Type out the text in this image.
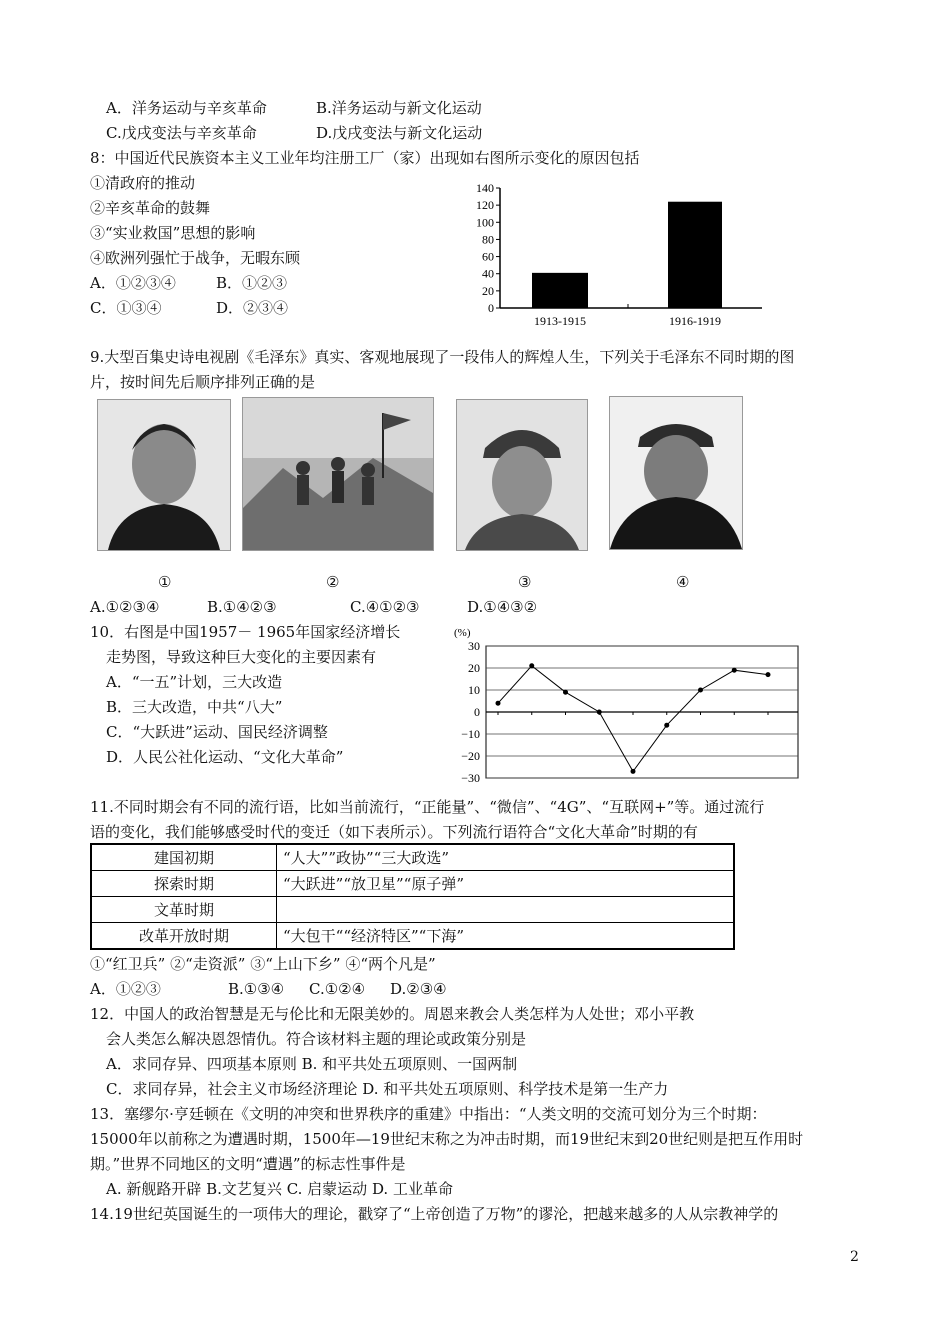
A．洋务运动与辛亥革命	B.洋务运动与新文化运动
C.戊戌变法与辛亥革命	D.戊戌变法与新文化运动
8：中国近代民族资本主义工业年均注册工厂（家）出现如右图所示变化的原因包括
①清政府的推动
②辛亥革命的鼓舞
③“实业救国”思想的影响
④欧洲列强忙于战争，无暇东顾
A．①②③④	B．①②③
C．①③④	D．②③④	0
20
40
60
80
100
120
140
1913-1915	1916-1919
9.大型百集史诗电视剧《毛泽东》真实、客观地展现了一段伟人的辉煌人生，下列关于毛泽东不同时期的图
片，按时间先后顺序排列正确的是
①	②	③	④
A.①②③④	B.①④②③	C.④①②③	D.①④③②
10．右图是中国1957－ 1965年国家经济增长
走势图，导致这种巨大变化的主要因素有
A．“一五”计划，三大改造
B．三大改造，中共“八大”
C．“大跃进”运动、国民经济调整
D．人民公社化运动、“文化大革命”
(%)
30
20
10
0
−10
−20
−30
11.不同时期会有不同的流行语，比如当前流行，“正能量”、“微信”、“4G”、“互联网+”等。通过流行
语的变化，我们能够感受时代的变迁（如下表所示）。下列流行语符合“文化大革命”时期的有
建国初期	“人大””政协”“三大政选”
探索时期	“大跃进”“放卫星”“原子弹”
文革时期	
改革开放时期	“大包干““经济特区”“下海”
①“红卫兵” ②“走资派” ③“上山下乡” ④“两个凡是”
A．①②③	B.①③④ C.①②④ D.②③④
12．中国人的政治智慧是无与伦比和无限美妙的。周恩来教会人类怎样为人处世；邓小平教
会人类怎么解决恩怨情仇。符合该材料主题的理论或政策分别是
A．求同存异、四项基本原则 B. 和平共处五项原则、一国两制
C．求同存异，社会主义市场经济理论 D. 和平共处五项原则、科学技术是第一生产力
13．塞缪尔·亨廷顿在《文明的冲突和世界秩序的重建》中指出：“人类文明的交流可划分为三个时期：
15000年以前称之为遭遇时期，1500年—19世纪末称之为冲击时期，而19世纪末到20世纪则是把互作用时
期。”世界不同地区的文明“遭遇”的标志性事件是
A. 新舰路开辟 B.文艺复兴 C. 启蒙运动 D. 工业革命
14.19世纪英国诞生的一项伟大的理论，戳穿了“上帝创造了万物”的谬沦，把越来越多的人从宗教神学的
2
